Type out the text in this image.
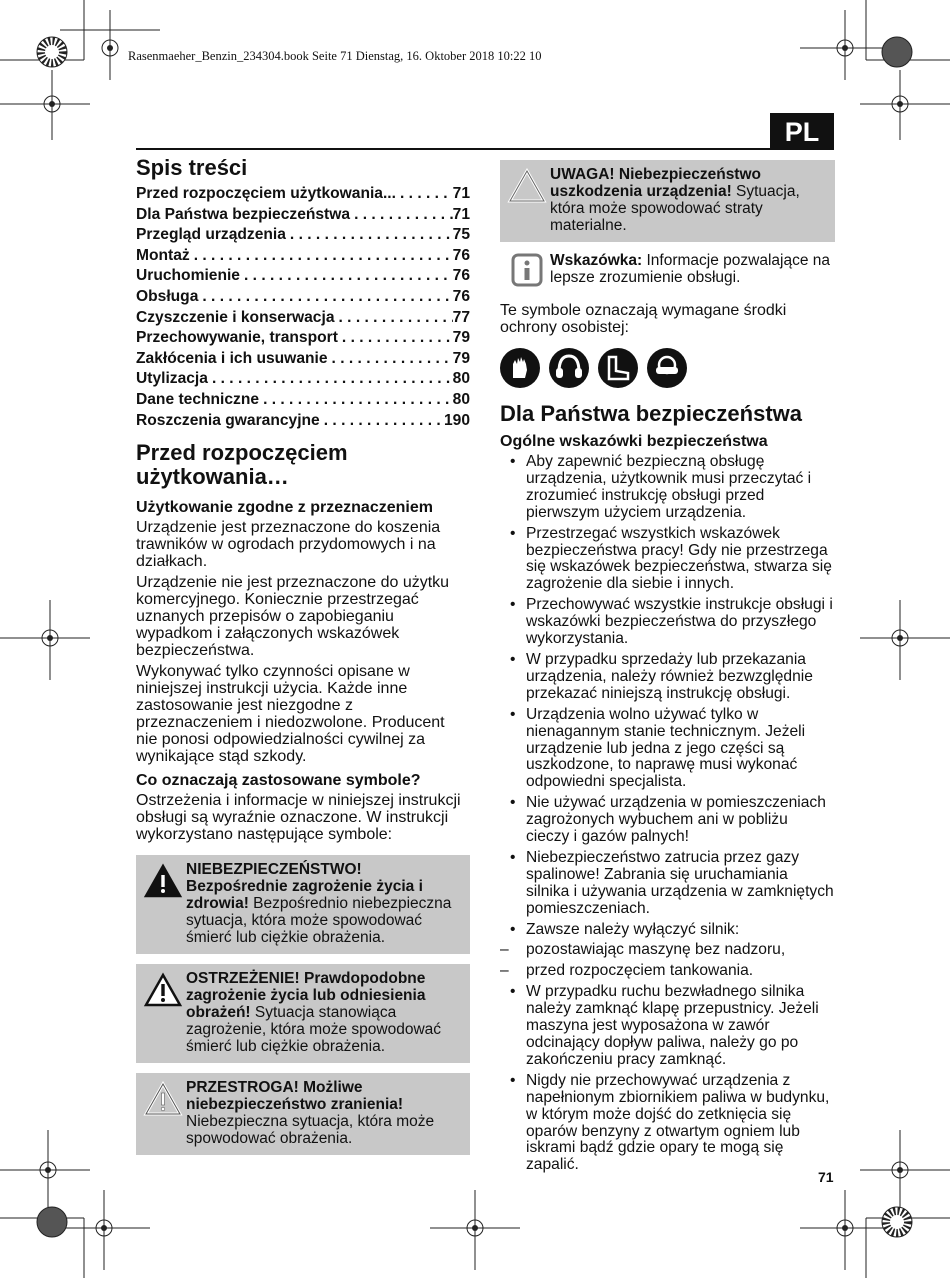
Rasenmaeher_Benzin_234304.book Seite 71 Dienstag, 16. Oktober 2018 10:22 10
PL
Spis treści
Przed rozpoczęciem użytkowania... . . .	71
Dla Państwa bezpieczeństwa . . .	71
Przegląd urządzenia . . .	75
Montaż . . .	76
Uruchomienie . . .	76
Obsługa . . .	76
Czyszczenie i konserwacja . . .	77
Przechowywanie, transport . . .	79
Zakłócenia i ich usuwanie . . .	79
Utylizacja . . .	80
Dane techniczne . . .	80
Roszczenia gwarancyjne . . .	190
Przed rozpoczęciem użytkowania…
Użytkowanie zgodne z przeznaczeniem

Urządzenie jest przeznaczone do koszenia trawników w ogrodach przydomowych i na działkach.

Urządzenie nie jest przeznaczone do użytku komercyjnego. Koniecznie przestrzegać uznanych przepisów o zapobieganiu wypadkom i załączonych wskazówek bezpieczeństwa.

Wykonywać tylko czynności opisane w niniejszej instrukcji użycia. Każde inne zastosowanie jest niezgodne z przeznaczeniem i niedozwolone. Producent nie ponosi odpowiedzialności cywilnej za wynikające stąd szkody.

Co oznaczają zastosowane symbole?

Ostrzeżenia i informacje w niniejszej instrukcji obsługi są wyraźnie oznaczone. W instrukcji wykorzystano następujące symbole:

NIEBEZPIECZEŃSTWO! Bezpośrednie zagrożenie życia i zdrowia! Bezpośrednio niebezpieczna sytuacja, która może spowodować śmierć lub ciężkie obrażenia.
OSTRZEŻENIE! Prawdopodobne zagrożenie życia lub odniesienia obrażeń! Sytuacja stanowiąca zagrożenie, która może spowodować śmierć lub ciężkie obrażenia.
PRZESTROGA! Możliwe niebezpieczeństwo zranienia! Niebezpieczna sytuacja, która może spowodować obrażenia.
UWAGA! Niebezpieczeństwo uszkodzenia urządzenia! Sytuacja, która może spowodować straty materialne.
Wskazówka: Informacje pozwalające na lepsze zrozumienie obsługi.

Te symbole oznaczają wymagane środki ochrony osobistej:

Dla Państwa bezpieczeństwa
Ogólne wskazówki bezpieczeństwa
• Aby zapewnić bezpieczną obsługę urządzenia, użytkownik musi przeczytać i zrozumieć instrukcję obsługi przed pierwszym użyciem urządzenia.
• Przestrzegać wszystkich wskazówek bezpieczeństwa pracy! Gdy nie przestrzega się wskazówek bezpieczeństwa, stwarza się zagrożenie dla siebie i innych.
• Przechowywać wszystkie instrukcje obsługi i wskazówki bezpieczeństwa do przyszłego wykorzystania.
• W przypadku sprzedaży lub przekazania urządzenia, należy również bezwzględnie przekazać niniejszą instrukcję obsługi.
• Urządzenia wolno używać tylko w nienagannym stanie technicznym. Jeżeli urządzenie lub jedna z jego części są uszkodzone, to naprawę musi wykonać odpowiedni specjalista.
• Nie używać urządzenia w pomieszczeniach zagrożonych wybuchem ani w pobliżu cieczy i gazów palnych!
• Niebezpieczeństwo zatrucia przez gazy spalinowe! Zabrania się uruchamiania silnika i używania urządzenia w zamkniętych pomieszczeniach.
• Zawsze należy wyłączyć silnik:
– pozostawiając maszynę bez nadzoru,
– przed rozpoczęciem tankowania.
• W przypadku ruchu bezwładnego silnika należy zamknąć klapę przepustnicy. Jeżeli maszyna jest wyposażona w zawór odcinający dopływ paliwa, należy go po zakończeniu pracy zamknąć.
• Nigdy nie przechowywać urządzenia z napełnionym zbiornikiem paliwa w budynku, w którym może dojść do zetknięcia się oparów benzyny z otwartym ogniem lub iskrami bądź gdzie opary te mogą się zapalić.
71
